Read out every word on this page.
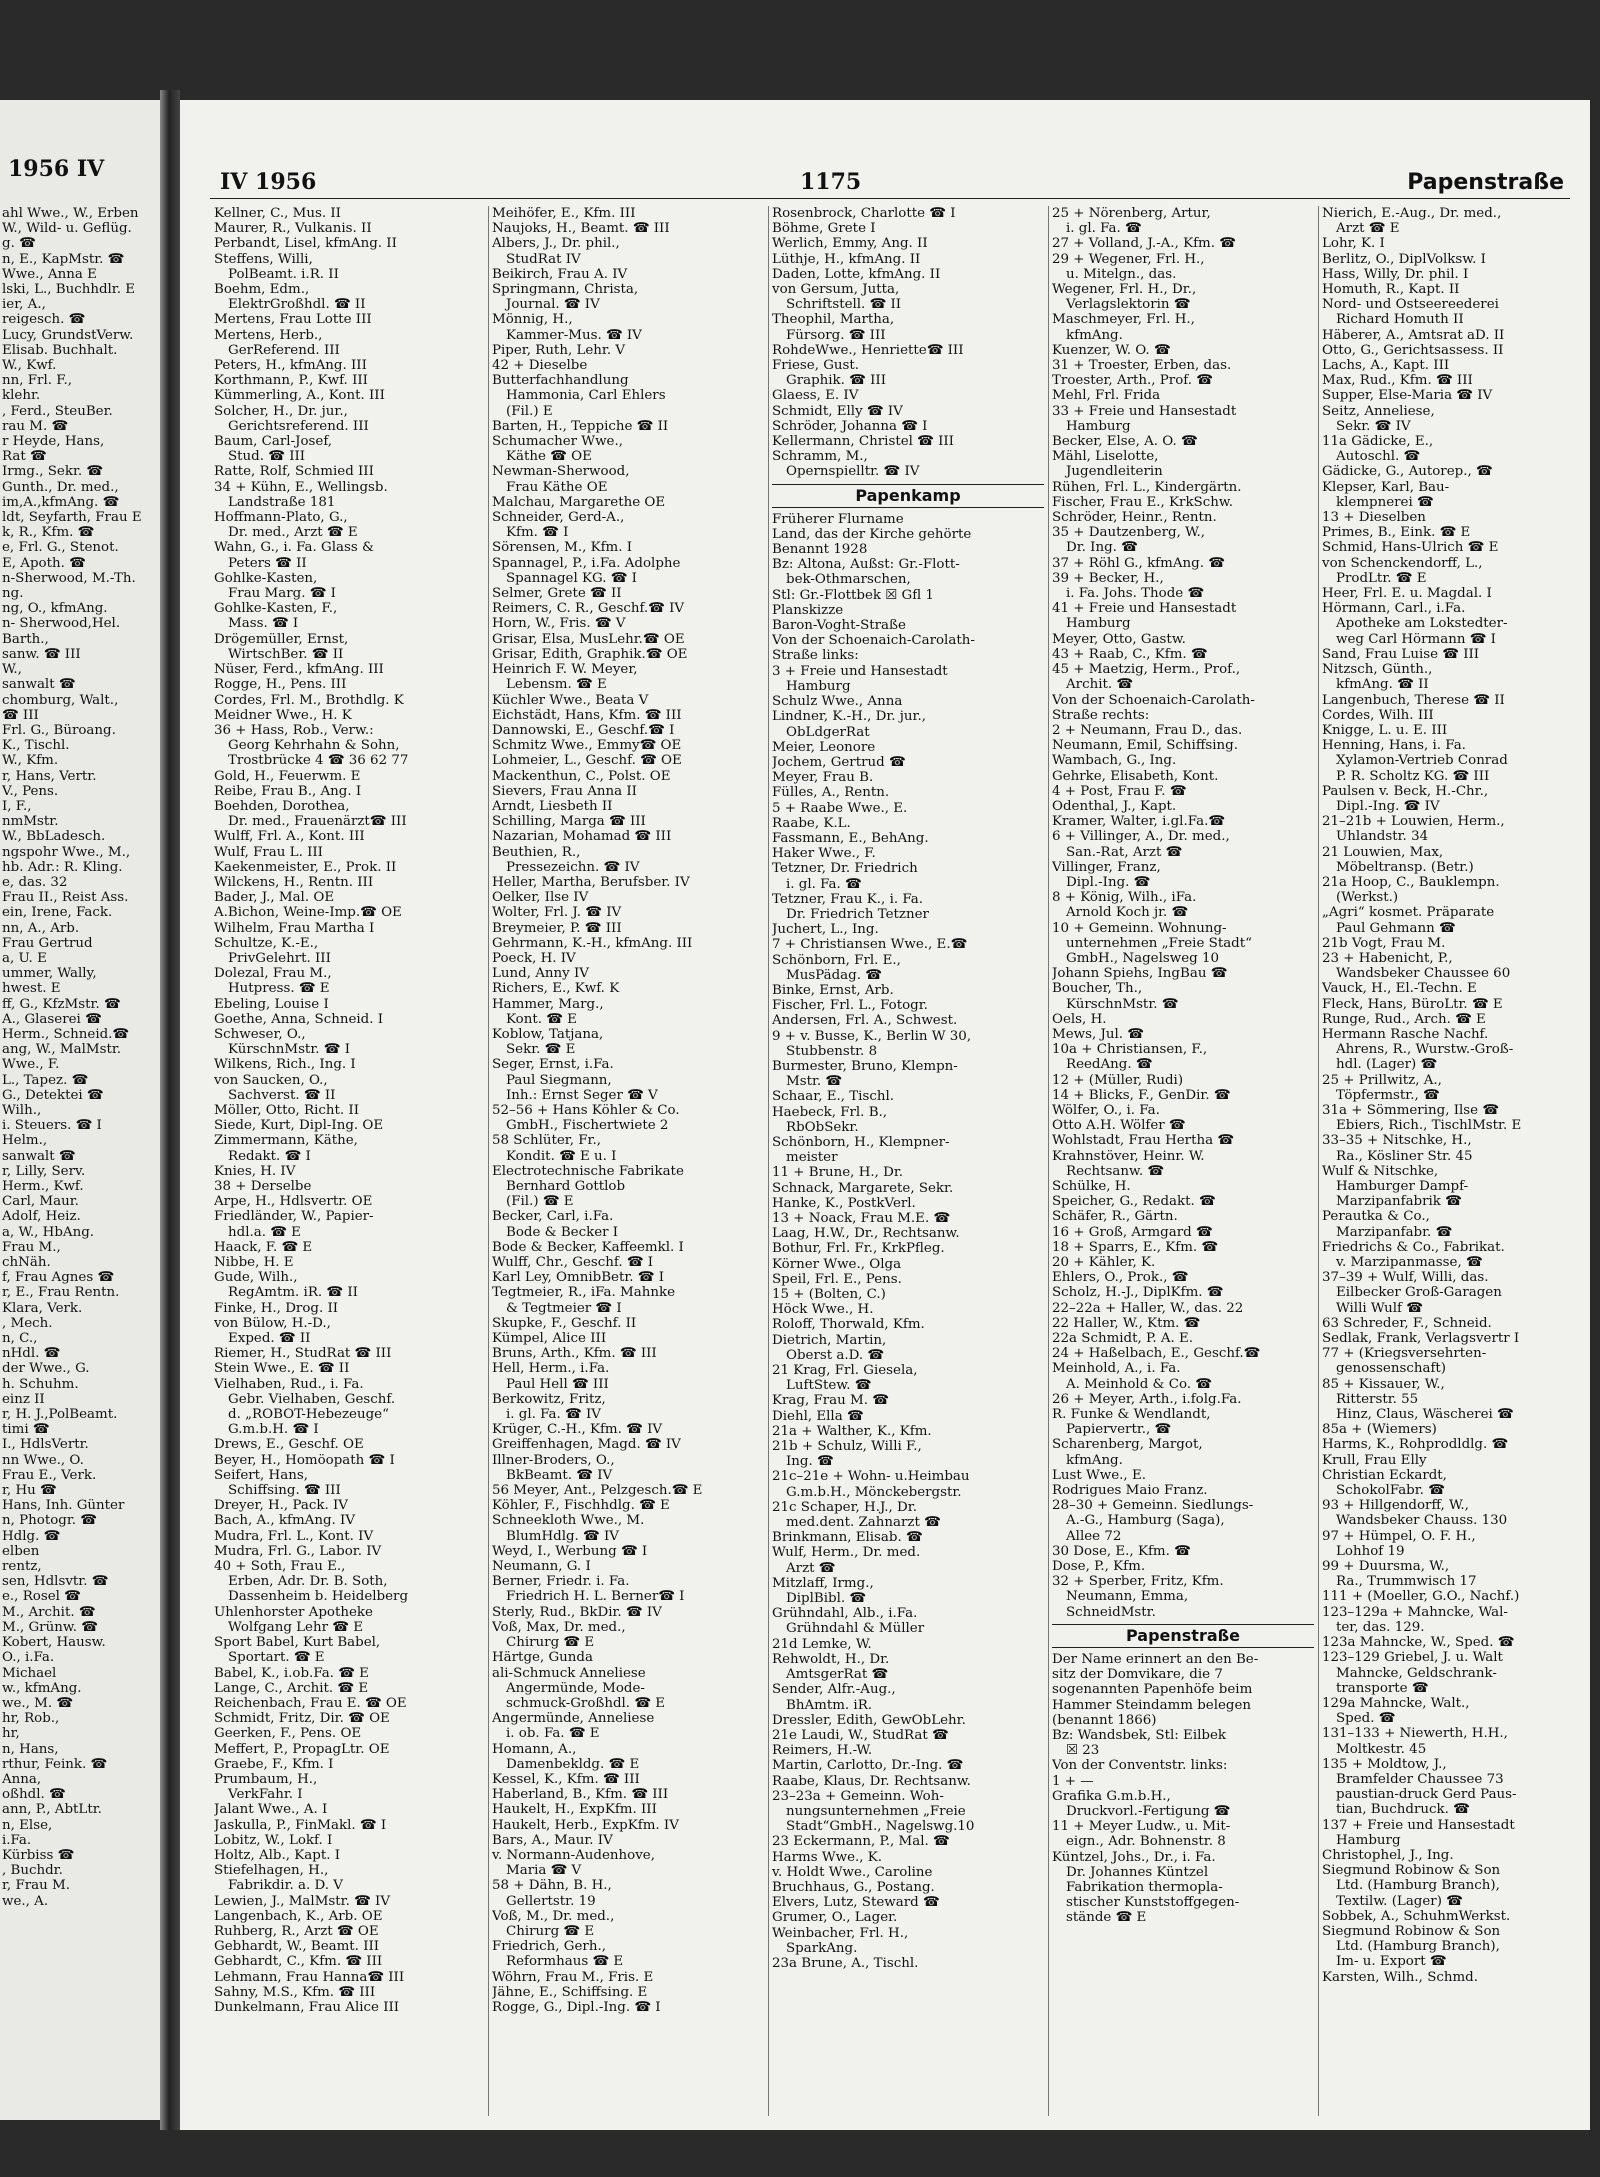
1956 IV
ahl Wwe., W., Erben
W., Wild- u. Geflüg.
g. ☎
n, E., KapMstr. ☎
Wwe., Anna E
lski, L., Buchhdlr. E
ier, A.,
reigesch. ☎
Lucy, GrundstVerw.
Elisab. Buchhalt.
W., Kwf.
nn, Frl. F.,
klehr.
, Ferd., SteuBer.
rau M. ☎
r Heyde, Hans,
Rat ☎
Irmg., Sekr. ☎
Gunth., Dr. med.,
im,A.,kfmAng. ☎
ldt, Seyfarth, Frau E
k, R., Kfm. ☎
e, Frl. G., Stenot.
E, Apoth. ☎
n-Sherwood, M.-Th.
ng.
ng, O., kfmAng.
n- Sherwood,Hel.
Barth.,
sanw. ☎ III
W.,
sanwalt ☎
chomburg, Walt.,
☎ III
Frl. G., Büroang.
K., Tischl.
W., Kfm.
r, Hans, Vertr.
V., Pens.
I, F.,
nmMstr.
W., BbLadesch.
ngspohr Wwe., M.,
hb. Adr.: R. Kling.
e, das. 32
Frau II., Reist Ass.
ein, Irene, Fack.
nn, A., Arb.
Frau Gertrud
a, U. E
ummer, Wally,
hwest. E
ff, G., KfzMstr. ☎
A., Glaserei ☎
Herm., Schneid.☎
ang, W., MalMstr.
Wwe., F.
L., Tapez. ☎
G., Detektei ☎
Wilh.,
i. Steuers. ☎ I
Helm.,
sanwalt ☎
r, Lilly, Serv.
Herm., Kwf.
Carl, Maur.
Adolf, Heiz.
a, W., HbAng.
Frau M.,
chNäh.
f, Frau Agnes ☎
r, E., Frau Rentn.
Klara, Verk.
, Mech.
n, C.,
nHdl. ☎
der Wwe., G.
h. Schuhm.
einz II
r, H. J.,PolBeamt.
timi ☎
I., HdlsVertr.
nn Wwe., O.
Frau E., Verk.
r, Hu ☎
Hans, Inh. Günter
n, Photogr. ☎
Hdlg. ☎
elben
rentz,
sen, Hdlsvtr. ☎
e., Rosel ☎
M., Archit. ☎
M., Grünw. ☎
Kobert, Hausw.
O., i.Fa.
Michael
w., kfmAng.
we., M. ☎
hr, Rob.,
hr,
n, Hans,
rthur, Feink. ☎
Anna,
oßhdl. ☎
ann, P., AbtLtr.
n, Else,
i.Fa.
Kürbiss ☎
, Buchdr.
r, Frau M.
we., A.
IV 1956	1175	Papenstraße
Kellner, C., Mus. II
Maurer, R., Vulkanis. II
Perbandt, Lisel, kfmAng. II
Steffens, Willi,
PolBeamt. i.R. II
Boehm, Edm.,
ElektrGroßhdl. ☎ II
Mertens, Frau Lotte III
Mertens, Herb.,
GerReferend. III
Peters, H., kfmAng. III
Korthmann, P., Kwf. III
Kümmerling, A., Kont. III
Solcher, H., Dr. jur.,
Gerichtsreferend. III
Baum, Carl-Josef,
Stud. ☎ III
Ratte, Rolf, Schmied III
34 + Kühn, E., Wellingsb.
Landstraße 181
Hoffmann-Plato, G.,
Dr. med., Arzt ☎ E
Wahn, G., i. Fa. Glass &
Peters ☎ II
Gohlke-Kasten,
Frau Marg. ☎ I
Gohlke-Kasten, F.,
Mass. ☎ I
Drögemüller, Ernst,
WirtschBer. ☎ II
Nüser, Ferd., kfmAng. III
Rogge, H., Pens. III
Cordes, Frl. M., Brothdlg. K
Meidner Wwe., H. K
36 + Hass, Rob., Verw.:
Georg Kehrhahn & Sohn,
Trostbrücke 4 ☎ 36 62 77
Gold, H., Feuerwm. E
Reibe, Frau B., Ang. I
Boehden, Dorothea,
Dr. med., Frauenärzt☎ III
Wulff, Frl. A., Kont. III
Wulf, Frau L. III
Kaekenmeister, E., Prok. II
Wilckens, H., Rentn. III
Bader, J., Mal. OE
A.Bichon, Weine-Imp.☎ OE
Wilhelm, Frau Martha I
Schultze, K.-E.,
PrivGelehrt. III
Dolezal, Frau M.,
Hutpress. ☎ E
Ebeling, Louise I
Goethe, Anna, Schneid. I
Schweser, O.,
KürschnMstr. ☎ I
Wilkens, Rich., Ing. I
von Saucken, O.,
Sachverst. ☎ II
Möller, Otto, Richt. II
Siede, Kurt, Dipl-Ing. OE
Zimmermann, Käthe,
Redakt. ☎ I
Knies, H. IV
38 + Derselbe
Arpe, H., Hdlsvertr. OE
Friedländer, W., Papier-
hdl.a. ☎ E
Haack, F. ☎ E
Nibbe, H. E
Gude, Wilh.,
RegAmtm. iR. ☎ II
Finke, H., Drog. II
von Bülow, H.-D.,
Exped. ☎ II
Riemer, H., StudRat ☎ III
Stein Wwe., E. ☎ II
Vielhaben, Rud., i. Fa.
Gebr. Vielhaben, Geschf.
d. „ROBOT-Hebezeuge“
G.m.b.H. ☎ I
Drews, E., Geschf. OE
Beyer, H., Homöopath ☎ I
Seifert, Hans,
Schiffsing. ☎ III
Dreyer, H., Pack. IV
Bach, A., kfmAng. IV
Mudra, Frl. L., Kont. IV
Mudra, Frl. G., Labor. IV
40 + Soth, Frau E.,
Erben, Adr. Dr. B. Soth,
Dassenheim b. Heidelberg
Uhlenhorster Apotheke
Wolfgang Lehr ☎ E
Sport Babel, Kurt Babel,
Sportart. ☎ E
Babel, K., i.ob.Fa. ☎ E
Lange, C., Archit. ☎ E
Reichenbach, Frau E. ☎ OE
Schmidt, Fritz, Dir. ☎ OE
Geerken, F., Pens. OE
Meffert, P., PropagLtr. OE
Graebe, F., Kfm. I
Prumbaum, H.,
VerkFahr. I
Jalant Wwe., A. I
Jaskulla, P., FinMakl. ☎ I
Lobitz, W., Lokf. I
Holtz, Alb., Kapt. I
Stiefelhagen, H.,
Fabrikdir. a. D. V
Lewien, J., MalMstr. ☎ IV
Langenbach, K., Arb. OE
Ruhberg, R., Arzt ☎ OE
Gebhardt, W., Beamt. III
Gebhardt, C., Kfm. ☎ III
Lehmann, Frau Hanna☎ III
Sahny, M.S., Kfm. ☎ III
Dunkelmann, Frau Alice III
Meihöfer, E., Kfm. III
Naujoks, H., Beamt. ☎ III
Albers, J., Dr. phil.,
StudRat IV
Beikirch, Frau A. IV
Springmann, Christa,
Journal. ☎ IV
Mönnig, H.,
Kammer-Mus. ☎ IV
Piper, Ruth, Lehr. V
42 + Dieselbe
Butterfachhandlung
Hammonia, Carl Ehlers
(Fil.) E
Barten, H., Teppiche ☎ II
Schumacher Wwe.,
Käthe ☎ OE
Newman-Sherwood,
Frau Käthe OE
Malchau, Margarethe OE
Schneider, Gerd-A.,
Kfm. ☎ I
Sörensen, M., Kfm. I
Spannagel, P., i.Fa. Adolphe
Spannagel KG. ☎ I
Selmer, Grete ☎ II
Reimers, C. R., Geschf.☎ IV
Horn, W., Fris. ☎ V
Grisar, Elsa, MusLehr.☎ OE
Grisar, Edith, Graphik.☎ OE
Heinrich F. W. Meyer,
Lebensm. ☎ E
Küchler Wwe., Beata V
Eichstädt, Hans, Kfm. ☎ III
Dannowski, E., Geschf.☎ I
Schmitz Wwe., Emmy☎ OE
Lohmeier, L., Geschf. ☎ OE
Mackenthun, C., Polst. OE
Sievers, Frau Anna II
Arndt, Liesbeth II
Schilling, Marga ☎ III
Nazarian, Mohamad ☎ III
Beuthien, R.,
Pressezeichn. ☎ IV
Heller, Martha, Berufsber. IV
Oelker, Ilse IV
Wolter, Frl. J. ☎ IV
Breymeier, P. ☎ III
Gehrmann, K.-H., kfmAng. III
Poeck, H. IV
Lund, Anny IV
Richers, E., Kwf. K
Hammer, Marg.,
Kont. ☎ E
Koblow, Tatjana,
Sekr. ☎ E
Seger, Ernst, i.Fa.
Paul Siegmann,
Inh.: Ernst Seger ☎ V
52–56 + Hans Köhler & Co.
GmbH., Fischertwiete 2
58 Schlüter, Fr.,
Kondit. ☎ E u. I
Electrotechnische Fabrikate
Bernhard Gottlob
(Fil.) ☎ E
Becker, Carl, i.Fa.
Bode & Becker I
Bode & Becker, Kaffeemkl. I
Wulff, Chr., Geschf. ☎ I
Karl Ley, OmnibBetr. ☎ I
Tegtmeier, R., iFa. Mahnke
& Tegtmeier ☎ I
Skupke, F., Geschf. II
Kümpel, Alice III
Bruns, Arth., Kfm. ☎ III
Hell, Herm., i.Fa.
Paul Hell ☎ III
Berkowitz, Fritz,
i. gl. Fa. ☎ IV
Krüger, C.-H., Kfm. ☎ IV
Greiffenhagen, Magd. ☎ IV
Illner-Broders, O.,
BkBeamt. ☎ IV
56 Meyer, Ant., Pelzgesch.☎ E
Köhler, F., Fischhdlg. ☎ E
Schneekloth Wwe., M.
BlumHdlg. ☎ IV
Weyd, I., Werbung ☎ I
Neumann, G. I
Berner, Friedr. i. Fa.
Friedrich H. L. Berner☎ I
Sterly, Rud., BkDir. ☎ IV
Voß, Max, Dr. med.,
Chirurg ☎ E
Härtge, Gunda
ali-Schmuck Anneliese
Angermünde, Mode-
schmuck-Großhdl. ☎ E
Angermünde, Anneliese
i. ob. Fa. ☎ E
Homann, A.,
Damenbekldg. ☎ E
Kessel, K., Kfm. ☎ III
Haberland, B., Kfm. ☎ III
Haukelt, H., ExpKfm. III
Haukelt, Herb., ExpKfm. IV
Bars, A., Maur. IV
v. Normann-Audenhove,
Maria ☎ V
58 + Dähn, B. H.,
Gellertstr. 19
Voß, M., Dr. med.,
Chirurg ☎ E
Friedrich, Gerh.,
Reformhaus ☎ E
Wöhrn, Frau M., Fris. E
Jähne, E., Schiffsing. E
Rogge, G., Dipl.-Ing. ☎ I
Rosenbrock, Charlotte ☎ I
Böhme, Grete I
Werlich, Emmy, Ang. II
Lüthje, H., kfmAng. II
Daden, Lotte, kfmAng. II
von Gersum, Jutta,
Schriftstell. ☎ II
Theophil, Martha,
Fürsorg. ☎ III
RohdeWwe., Henriette☎ III
Friese, Gust.
Graphik. ☎ III
Glaess, E. IV
Schmidt, Elly ☎ IV
Schröder, Johanna ☎ I
Kellermann, Christel ☎ III
Schramm, M.,
Opernspielltr. ☎ IV
Papenkamp
Früherer Flurname
Land, das der Kirche gehörte
Benannt 1928
Bz: Altona, Außst: Gr.-Flott-
bek-Othmarschen,
Stl: Gr.-Flottbek ☒ Gfl 1
Planskizze
Baron-Voght-Straße
Von der Schoenaich-Carolath-
Straße links:
3 + Freie und Hansestadt
Hamburg
Schulz Wwe., Anna
Lindner, K.-H., Dr. jur.,
ObLdgerRat
Meier, Leonore
Jochem, Gertrud ☎
Meyer, Frau B.
Fülles, A., Rentn.
5 + Raabe Wwe., E.
Raabe, K.L.
Fassmann, E., BehAng.
Haker Wwe., F.
Tetzner, Dr. Friedrich
i. gl. Fa. ☎
Tetzner, Frau K., i. Fa.
Dr. Friedrich Tetzner
Juchert, L., Ing.
7 + Christiansen Wwe., E.☎
Schönborn, Frl. E.,
MusPädag. ☎
Binke, Ernst, Arb.
Fischer, Frl. L., Fotogr.
Andersen, Frl. A., Schwest.
9 + v. Busse, K., Berlin W 30,
Stubbenstr. 8
Burmester, Bruno, Klempn-
Mstr. ☎
Schaar, E., Tischl.
Haebeck, Frl. B.,
RbObSekr.
Schönborn, H., Klempner-
meister
11 + Brune, H., Dr.
Schnack, Margarete, Sekr.
Hanke, K., PostkVerl.
13 + Noack, Frau M.E. ☎
Laag, H.W., Dr., Rechtsanw.
Bothur, Frl. Fr., KrkPfleg.
Körner Wwe., Olga
Speil, Frl. E., Pens.
15 + (Bolten, C.)
Höck Wwe., H.
Roloff, Thorwald, Kfm.
Dietrich, Martin,
Oberst a.D. ☎
21 Krag, Frl. Giesela,
LuftStew. ☎
Krag, Frau M. ☎
Diehl, Ella ☎
21a + Walther, K., Kfm.
21b + Schulz, Willi F.,
Ing. ☎
21c–21e + Wohn- u.Heimbau
G.m.b.H., Mönckebergstr.
21c Schaper, H.J., Dr.
med.dent. Zahnarzt ☎
Brinkmann, Elisab. ☎
Wulf, Herm., Dr. med.
Arzt ☎
Mitzlaff, Irmg.,
DiplBibl. ☎
Grühndahl, Alb., i.Fa.
Grühndahl & Müller
21d Lemke, W.
Rehwoldt, H., Dr.
AmtsgerRat ☎
Sender, Alfr.-Aug.,
BhAmtm. iR.
Dressler, Edith, GewObLehr.
21e Laudi, W., StudRat ☎
Reimers, H.-W.
Martin, Carlotto, Dr.-Ing. ☎
Raabe, Klaus, Dr. Rechtsanw.
23–23a + Gemeinn. Woh-
nungsunternehmen „Freie
Stadt“GmbH., Nagelswg.10
23 Eckermann, P., Mal. ☎
Harms Wwe., K.
v. Holdt Wwe., Caroline
Bruchhaus, G., Postang.
Elvers, Lutz, Steward ☎
Grumer, O., Lager.
Weinbacher, Frl. H.,
SparkAng.
23a Brune, A., Tischl.
25 + Nörenberg, Artur,
i. gl. Fa. ☎
27 + Volland, J.-A., Kfm. ☎
29 + Wegener, Frl. H.,
u. Mitelgn., das.
Wegener, Frl. H., Dr.,
Verlagslektorin ☎
Maschmeyer, Frl. H.,
kfmAng.
Kuenzer, W. O. ☎
31 + Troester, Erben, das.
Troester, Arth., Prof. ☎
Mehl, Frl. Frida
33 + Freie und Hansestadt
Hamburg
Becker, Else, A. O. ☎
Mähl, Liselotte,
Jugendleiterin
Rühen, Frl. L., Kindergärtn.
Fischer, Frau E., KrkSchw.
Schröder, Heinr., Rentn.
35 + Dautzenberg, W.,
Dr. Ing. ☎
37 + Röhl G., kfmAng. ☎
39 + Becker, H.,
i. Fa. Johs. Thode ☎
41 + Freie und Hansestadt
Hamburg
Meyer, Otto, Gastw.
43 + Raab, C., Kfm. ☎
45 + Maetzig, Herm., Prof.,
Archit. ☎
Von der Schoenaich-Carolath-
Straße rechts:
2 + Neumann, Frau D., das.
Neumann, Emil, Schiffsing.
Wambach, G., Ing.
Gehrke, Elisabeth, Kont.
4 + Post, Frau F. ☎
Odenthal, J., Kapt.
Kramer, Walter, i.gl.Fa.☎
6 + Villinger, A., Dr. med.,
San.-Rat, Arzt ☎
Villinger, Franz,
Dipl.-Ing. ☎
8 + König, Wilh., iFa.
Arnold Koch jr. ☎
10 + Gemeinn. Wohnung-
unternehmen „Freie Stadt“
GmbH., Nagelsweg 10
Johann Spiehs, IngBau ☎
Boucher, Th.,
KürschnMstr. ☎
Oels, H.
Mews, Jul. ☎
10a + Christiansen, F.,
ReedAng. ☎
12 + (Müller, Rudi)
14 + Blicks, F., GenDir. ☎
Wölfer, O., i. Fa.
Otto A.H. Wölfer ☎
Wohlstadt, Frau Hertha ☎
Krahnstöver, Heinr. W.
Rechtsanw. ☎
Schülke, H.
Speicher, G., Redakt. ☎
Schäfer, R., Gärtn.
16 + Groß, Armgard ☎
18 + Sparrs, E., Kfm. ☎
20 + Kähler, K.
Ehlers, O., Prok., ☎
Scholz, H.-J., DiplKfm. ☎
22–22a + Haller, W., das. 22
22 Haller, W., Ktm. ☎
22a Schmidt, P. A. E.
24 + Haßelbach, E., Geschf.☎
Meinhold, A., i. Fa.
A. Meinhold & Co. ☎
26 + Meyer, Arth., i.folg.Fa.
R. Funke & Wendlandt,
Papiervertr., ☎
Scharenberg, Margot,
kfmAng.
Lust Wwe., E.
Rodrigues Maio Franz.
28–30 + Gemeinn. Siedlungs-
A.-G., Hamburg (Saga),
Allee 72
30 Dose, E., Kfm. ☎
Dose, P., Kfm.
32 + Sperber, Fritz, Kfm.
Neumann, Emma,
SchneidMstr.
Papenstraße
Der Name erinnert an den Be-
sitz der Domvikare, die 7
sogenannten Papenhöfe beim
Hammer Steindamm belegen
(benannt 1866)
Bz: Wandsbek, Stl: Eilbek
☒ 23
Von der Conventstr. links:
1 + —
Grafika G.m.b.H.,
Druckvorl.-Fertigung ☎
11 + Meyer Ludw., u. Mit-
eign., Adr. Bohnenstr. 8
Küntzel, Johs., Dr., i. Fa.
Dr. Johannes Küntzel
Fabrikation thermopla-
stischer Kunststoffgegen-
stände ☎ E
Nierich, E.-Aug., Dr. med.,
Arzt ☎ E
Lohr, K. I
Berlitz, O., DiplVolksw. I
Hass, Willy, Dr. phil. I
Homuth, R., Kapt. II
Nord- und Ostseereederei
Richard Homuth II
Häberer, A., Amtsrat aD. II
Otto, G., Gerichtsassess. II
Lachs, A., Kapt. III
Max, Rud., Kfm. ☎ III
Supper, Else-Maria ☎ IV
Seitz, Anneliese,
Sekr. ☎ IV
11a Gädicke, E.,
Autoschl. ☎
Gädicke, G., Autorep., ☎
Klepser, Karl, Bau-
klempnerei ☎
13 + Dieselben
Primes, B., Eink. ☎ E
Schmid, Hans-Ulrich ☎ E
von Schenckendorff, L.,
ProdLtr. ☎ E
Heer, Frl. E. u. Magdal. I
Hörmann, Carl., i.Fa.
Apotheke am Lokstedter-
weg Carl Hörmann ☎ I
Sand, Frau Luise ☎ III
Nitzsch, Günth.,
kfmAng. ☎ II
Langenbuch, Therese ☎ II
Cordes, Wilh. III
Knigge, L. u. E. III
Henning, Hans, i. Fa.
Xylamon-Vertrieb Conrad
P. R. Scholtz KG. ☎ III
Paulsen v. Beck, H.-Chr.,
Dipl.-Ing. ☎ IV
21–21b + Louwien, Herm.,
Uhlandstr. 34
21 Louwien, Max,
Möbeltransp. (Betr.)
21a Hoop, C., Bauklempn.
(Werkst.)
„Agri“ kosmet. Präparate
Paul Gehmann ☎
21b Vogt, Frau M.
23 + Habenicht, P.,
Wandsbeker Chaussee 60
Vauck, H., El.-Techn. E
Fleck, Hans, BüroLtr. ☎ E
Runge, Rud., Arch. ☎ E
Hermann Rasche Nachf.
Ahrens, R., Wurstw.-Groß-
hdl. (Lager) ☎
25 + Prillwitz, A.,
Töpfermstr., ☎
31a + Sömmering, Ilse ☎
Ebiers, Rich., TischlMstr. E
33–35 + Nitschke, H.,
Ra., Kösliner Str. 45
Wulf & Nitschke,
Hamburger Dampf-
Marzipanfabrik ☎
Perautka & Co.,
Marzipanfabr. ☎
Friedrichs & Co., Fabrikat.
v. Marzipanmasse, ☎
37–39 + Wulf, Willi, das.
Eilbecker Groß-Garagen
Willi Wulf ☎
63 Schreder, F., Schneid.
Sedlak, Frank, Verlagsvertr I
77 + (Kriegsversehrten-
genossenschaft)
85 + Kissauer, W.,
Ritterstr. 55
Hinz, Claus, Wäscherei ☎
85a + (Wiemers)
Harms, K., Rohprodldlg. ☎
Krull, Frau Elly
Christian Eckardt,
SchokolFabr. ☎
93 + Hillgendorff, W.,
Wandsbeker Chauss. 130
97 + Hümpel, O. F. H.,
Lohhof 19
99 + Duursma, W.,
Ra., Trummwisch 17
111 + (Moeller, G.O., Nachf.)
123–129a + Mahncke, Wal-
ter, das. 129.
123a Mahncke, W., Sped. ☎
123–129 Griebel, J. u. Walt
Mahncke, Geldschrank-
transporte ☎
129a Mahncke, Walt.,
Sped. ☎
131–133 + Niewerth, H.H.,
Moltkestr. 45
135 + Moldtow, J.,
Bramfelder Chaussee 73
paustian-druck Gerd Paus-
tian, Buchdruck. ☎
137 + Freie und Hansestadt
Hamburg
Christophel, J., Ing.
Siegmund Robinow & Son
Ltd. (Hamburg Branch),
Textilw. (Lager) ☎
Sobbek, A., SchuhmWerkst.
Siegmund Robinow & Son
Ltd. (Hamburg Branch),
Im- u. Export ☎
Karsten, Wilh., Schmd.
